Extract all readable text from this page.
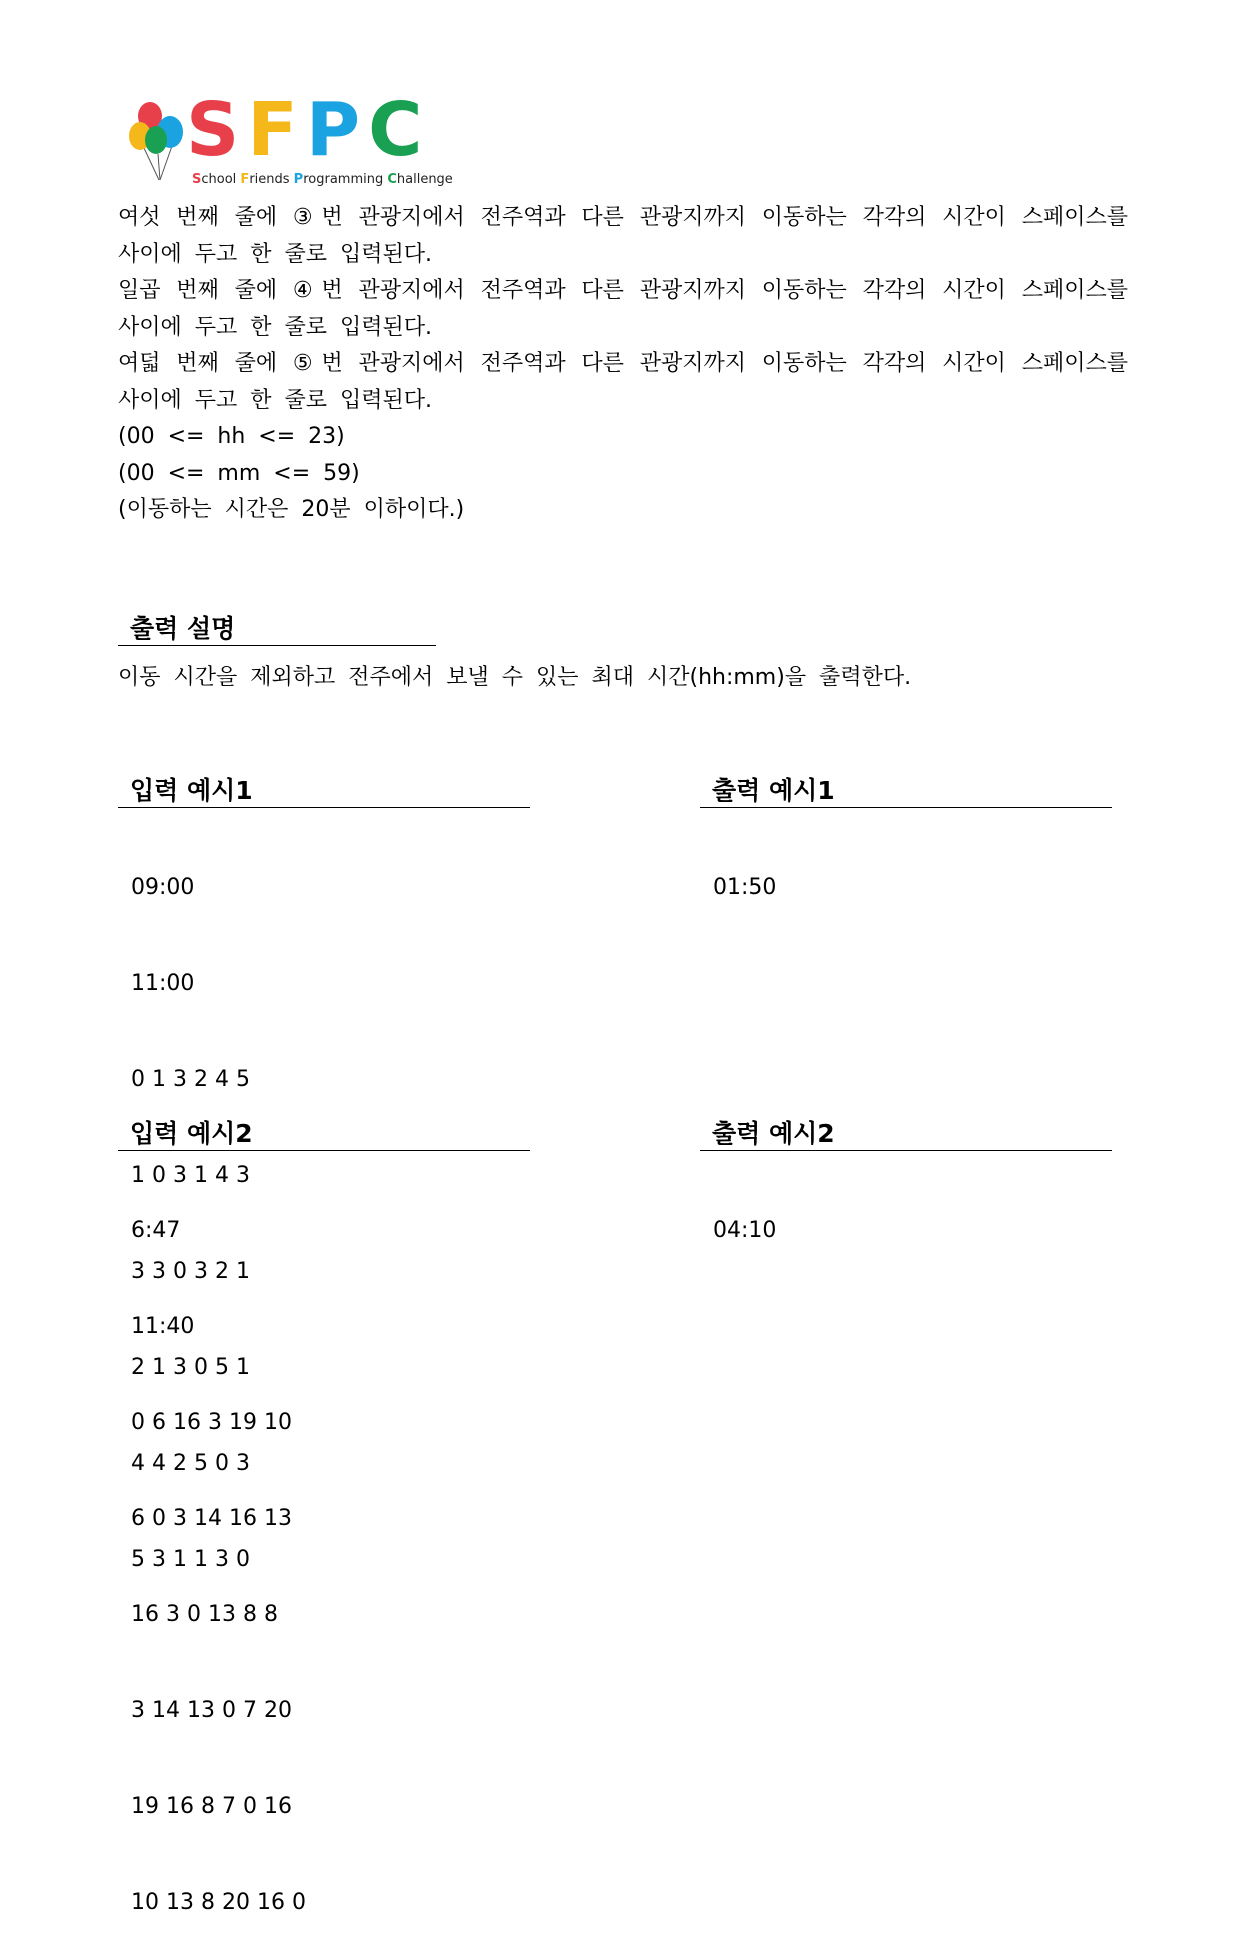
SFPC
School Friends Programming Challenge
여섯 번째 줄에 ③번 관광지에서 전주역과 다른 관광지까지 이동하는 각각의 시간이 스페이스를
사이에 두고 한 줄로 입력된다.
일곱 번째 줄에 ④번 관광지에서 전주역과 다른 관광지까지 이동하는 각각의 시간이 스페이스를
사이에 두고 한 줄로 입력된다.
여덟 번째 줄에 ⑤번 관광지에서 전주역과 다른 관광지까지 이동하는 각각의 시간이 스페이스를
사이에 두고 한 줄로 입력된다.
(00 <= hh <= 23)
(00 <= mm <= 59)
(이동하는 시간은 20분 이하이다.)
출력 설명
이동 시간을 제외하고 전주에서 보낼 수 있는 최대 시간(hh:mm)을 출력한다.
입력 예시1	출력 예시1

09:00

11:00

0 1 3 2 4 5

1 0 3 1 4 3

3 3 0 3 2 1

2 1 3 0 5 1

4 4 2 5 0 3

5 3 1 1 3 0

01:50

입력 예시2	출력 예시2

6:47

11:40

0 6 16 3 19 10

6 0 3 14 16 13

16 3 0 13 8 8

3 14 13 0 7 20

19 16 8 7 0 16

10 13 8 20 16 0

04:10
